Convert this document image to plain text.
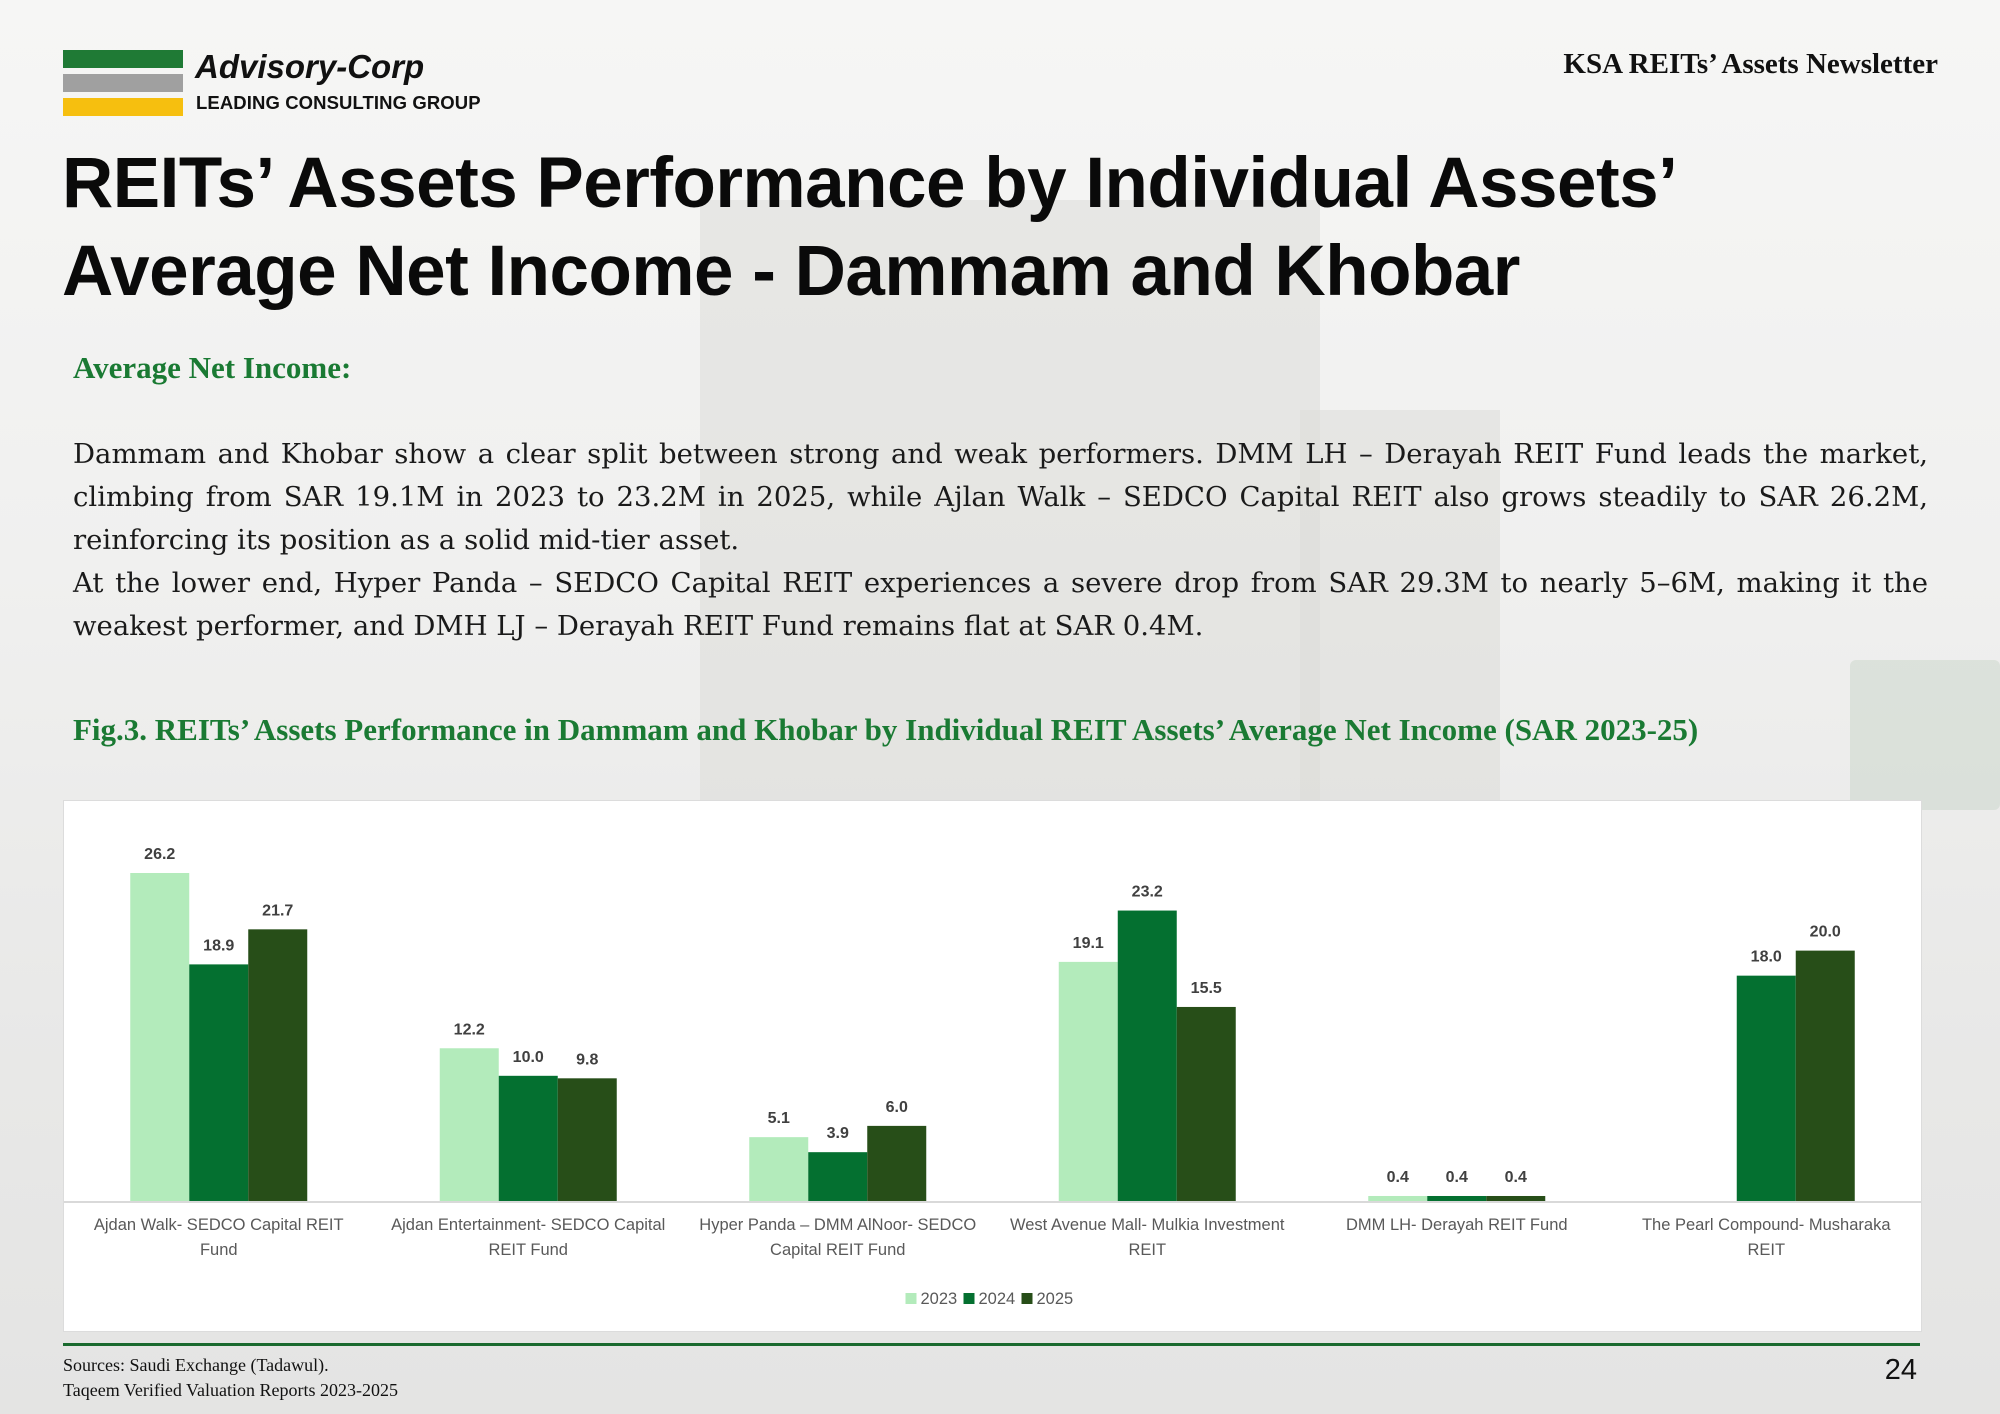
Advisory-Corp
LEADING CONSULTING GROUP
KSA REITs’ Assets Newsletter
REITs’ Assets Performance by Individual Assets’
Average Net Income - Dammam and Khobar
Average Net Income:

Dammam and Khobar show a clear split between strong and weak performers. DMM LH – Derayah REIT Fund leads the market, climbing from SAR 19.1M in 2023 to 23.2M in 2025, while Ajlan Walk – SEDCO Capital REIT also grows steadily to SAR 26.2M, reinforcing its position as a solid mid-tier asset.

At the lower end, Hyper Panda – SEDCO Capital REIT experiences a severe drop from SAR 29.3M to nearly 5–6M, making it the weakest performer, and DMH LJ – Derayah REIT Fund remains flat at SAR 0.4M.

Fig.3. REITs’ Assets Performance in Dammam and Khobar by Individual REIT Assets’ Average Net Income (SAR 2023-25)
26.2
18.9
21.7
Ajdan Walk- SEDCO Capital REIT
Fund
12.2
10.0 9.8
Ajdan Entertainment- SEDCO Capital
REIT Fund
5.1
3.9
6.0
Hyper Panda – DMM AlNoor- SEDCO
Capital REIT Fund
19.1
23.2
15.5
West Avenue Mall- Mulkia Investment
REIT
0.4 0.4 0.4
DMM LH- Derayah REIT Fund
18.0
20.0
The Pearl Compound- Musharaka
REIT
2023 2024 2025
Sources: Saudi Exchange (Tadawul).
Taqeem Verified Valuation Reports 2023-2025
24
